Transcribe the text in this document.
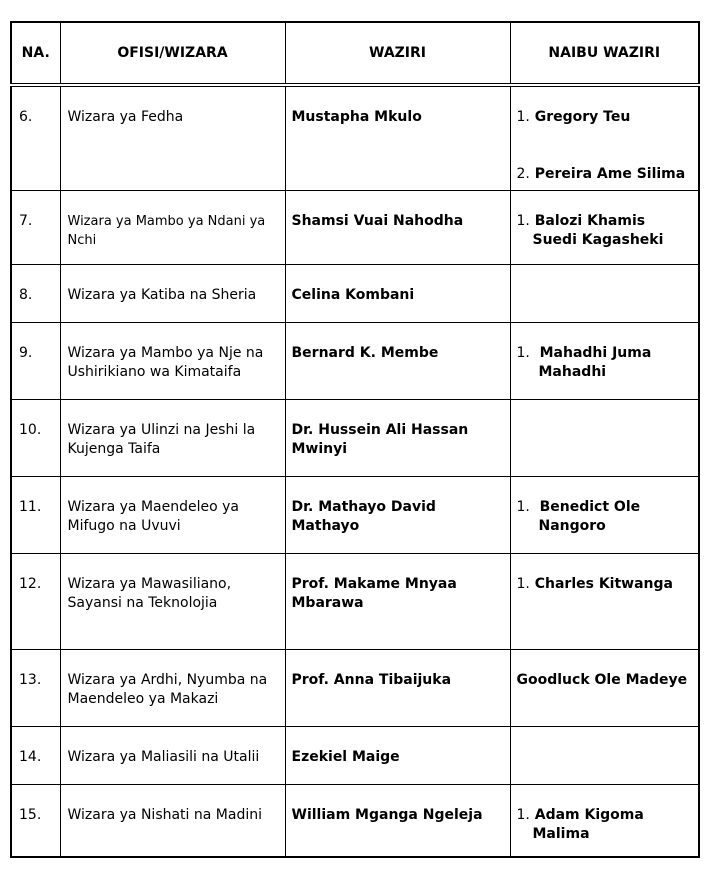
NA.	OFISI/WIZARA	WAZIRI	NAIBU WAZIRI

6.	Wizara ya Fedha	Mustapha Mkulo	1. Gregory Teu
2. Pereira Ame Silima

7.	Wizara ya Mambo ya Ndani ya Nchi	Shamsi Vuai Nahodha	1. Balozi Khamis Suedi Kagasheki

8.	Wizara ya Katiba na Sheria	Celina Kombani	

9.	Wizara ya Mambo ya Nje na Ushirikiano wa Kimataifa	Bernard K. Membe	1. Mahadhi Juma Mahadhi

10.	Wizara ya Ulinzi na Jeshi la Kujenga Taifa	Dr. Hussein Ali Hassan Mwinyi	

11.	Wizara ya Maendeleo ya Mifugo na Uvuvi	Dr. Mathayo David Mathayo	1. Benedict Ole Nangoro

12.	Wizara ya Mawasiliano, Sayansi na Teknolojia	Prof. Makame Mnyaa Mbarawa	1. Charles Kitwanga

13.	Wizara ya Ardhi, Nyumba na Maendeleo ya Makazi	Prof. Anna Tibaijuka	Goodluck Ole Madeye

14.	Wizara ya Maliasili na Utalii	Ezekiel Maige	

15.	Wizara ya Nishati na Madini	William Mganga Ngeleja	1. Adam Kigoma Malima
